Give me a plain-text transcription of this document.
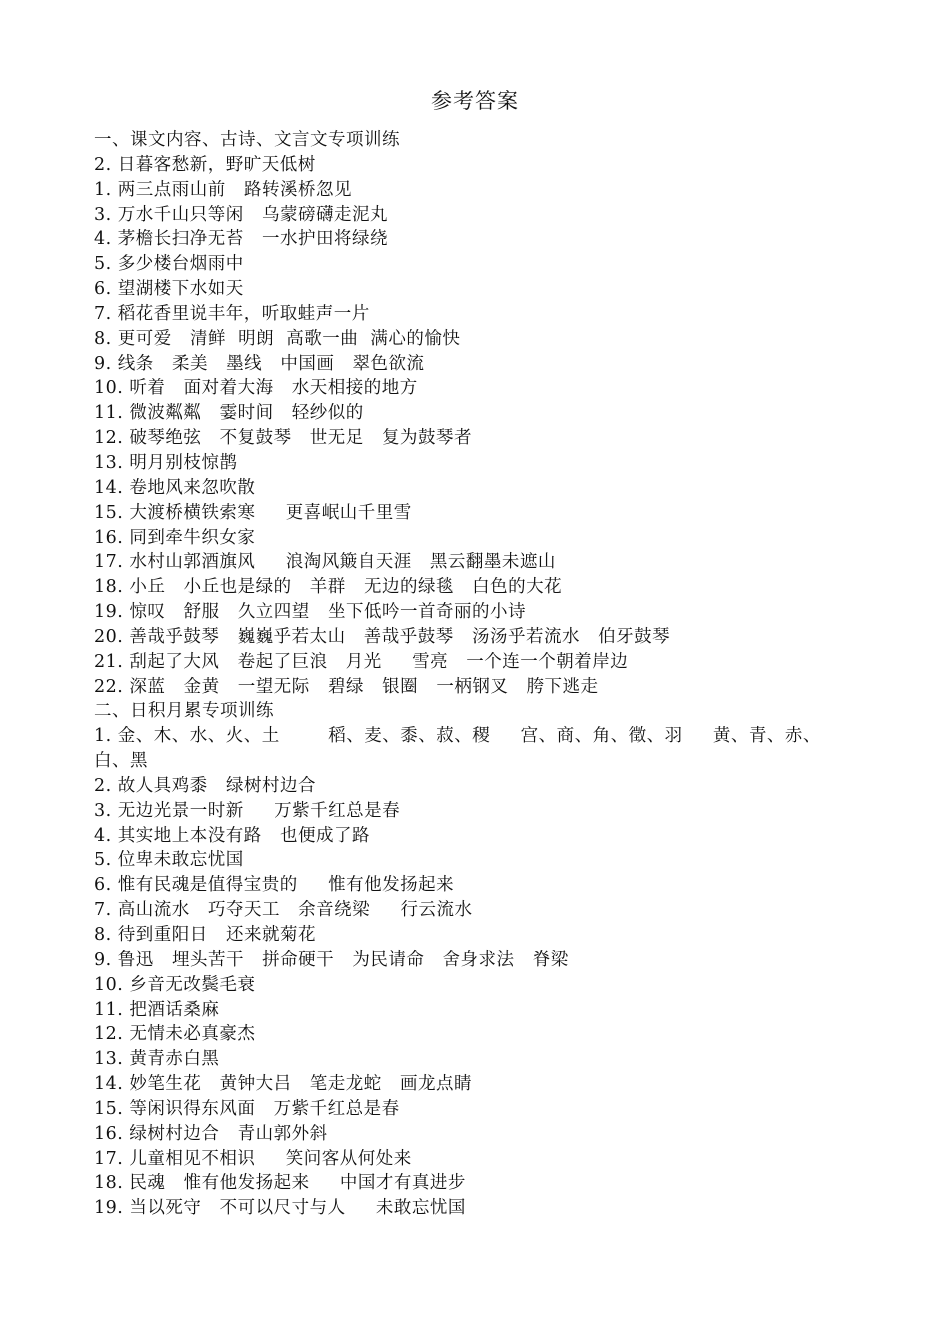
参考答案
一、课文内容、古诗、文言文专项训练
2. 日暮客愁新，野旷天低树
1. 两三点雨山前   路转溪桥忽见
3. 万水千山只等闲   乌蒙磅礴走泥丸
4. 茅檐长扫净无苔   一水护田将绿绕
5. 多少楼台烟雨中
6. 望湖楼下水如天
7. 稻花香里说丰年，听取蛙声一片
8. 更可爱   清鲜  明朗  高歌一曲  满心的愉快
9. 线条   柔美   墨线   中国画   翠色欲流
10. 听着   面对着大海   水天相接的地方
11. 微波粼粼   霎时间   轻纱似的
12. 破琴绝弦   不复鼓琴   世无足   复为鼓琴者
13. 明月别枝惊鹊
14. 卷地风来忽吹散
15. 大渡桥横铁索寒     更喜岷山千里雪
16. 同到牵牛织女家
17. 水村山郭酒旗风     浪淘风簸自天涯   黑云翻墨未遮山
18. 小丘   小丘也是绿的   羊群   无边的绿毯   白色的大花
19. 惊叹   舒服   久立四望   坐下低吟一首奇丽的小诗
20. 善哉乎鼓琴   巍巍乎若太山   善哉乎鼓琴   汤汤乎若流水   伯牙鼓琴
21. 刮起了大风   卷起了巨浪   月光     雪亮   一个连一个朝着岸边
22. 深蓝   金黄   一望无际   碧绿   银圈   一柄钢叉   胯下逃走
二、日积月累专项训练
1. 金、木、水、火、土        稻、麦、黍、菽、稷     宫、商、角、徵、羽     黄、青、赤、
白、黑
2. 故人具鸡黍   绿树村边合
3. 无边光景一时新     万紫千红总是春
4. 其实地上本没有路   也便成了路
5. 位卑未敢忘忧国
6. 惟有民魂是值得宝贵的     惟有他发扬起来
7. 高山流水   巧夺天工   余音绕梁     行云流水
8. 待到重阳日   还来就菊花
9. 鲁迅   埋头苦干   拼命硬干   为民请命   舍身求法   脊梁
10. 乡音无改鬓毛衰
11. 把酒话桑麻
12. 无情未必真豪杰
13. 黄青赤白黑
14. 妙笔生花   黄钟大吕   笔走龙蛇   画龙点睛
15. 等闲识得东风面   万紫千红总是春
16. 绿树村边合   青山郭外斜
17. 儿童相见不相识     笑问客从何处来
18. 民魂   惟有他发扬起来     中国才有真进步
19. 当以死守   不可以尺寸与人     未敢忘忧国
